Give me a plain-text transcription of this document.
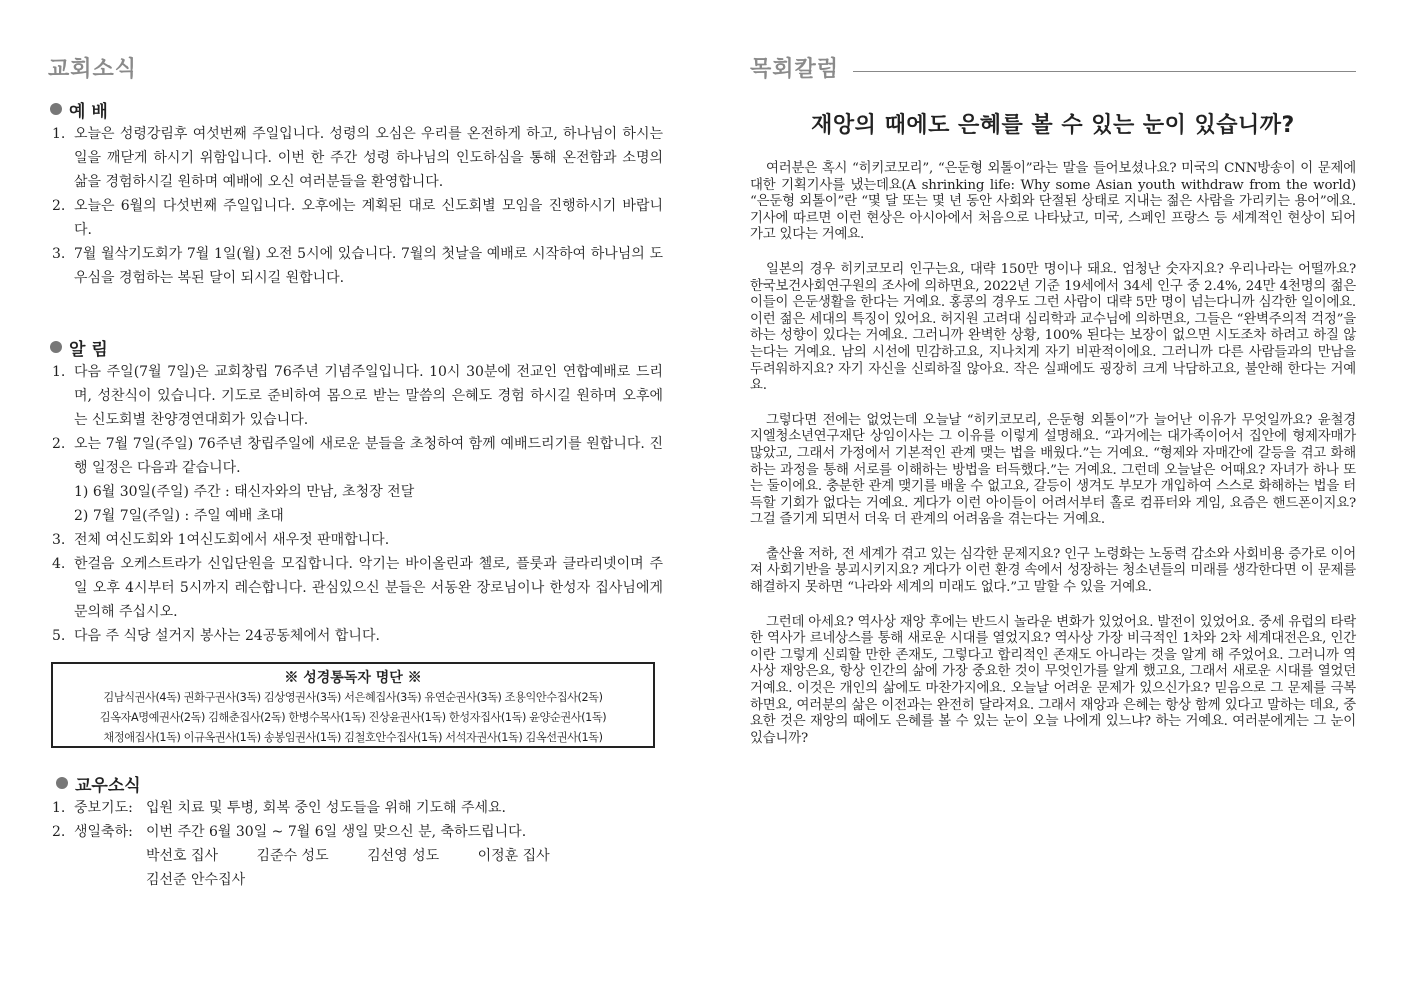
교회소식
예 배
1. 오늘은 성령강림후 여섯번째 주일입니다. 성령의 오심은 우리를 온전하게 하고, 하나님이 하시는 일을 깨닫게 하시기 위함입니다. 이번 한 주간 성령 하나님의 인도하심을 통해 온전함과 소명의 삶을 경험하시길 원하며 예배에 오신 여러분들을 환영합니다.
2. 오늘은 6월의 다섯번째 주일입니다. 오후에는 계획된 대로 신도회별 모임을 진행하시기 바랍니다.
3. 7월 월삭기도회가 7월 1일(월) 오전 5시에 있습니다. 7월의 첫날을 예배로 시작하여 하나님의 도우심을 경험하는 복된 달이 되시길 원합니다.
알 림
1. 다음 주일(7월 7일)은 교회창립 76주년 기념주일입니다. 10시 30분에 전교인 연합예배로 드리며, 성찬식이 있습니다. 기도로 준비하여 몸으로 받는 말씀의 은혜도 경험 하시길 원하며 오후에는 신도회별 찬양경연대회가 있습니다.
2. 오는 7월 7일(주일) 76주년 창립주일에 새로운 분들을 초청하여 함께 예배드리기를 원합니다. 진행 일정은 다음과 같습니다.
1) 6월 30일(주일) 주간 : 태신자와의 만남, 초청장 전달
2) 7월 7일(주일) : 주일 예배 초대
3. 전체 여신도회와 1여신도회에서 새우젓 판매합니다.
4. 한걸음 오케스트라가 신입단원을 모집합니다. 악기는 바이올린과 첼로, 플룻과 클라리넷이며 주일 오후 4시부터 5시까지 레슨합니다. 관심있으신 분들은 서동완 장로님이나 한성자 집사님에게 문의해 주십시오.
5. 다음 주 식당 설거지 봉사는 24공동체에서 합니다.
※ 성경통독자 명단 ※
김남식권사(4독) 권화구권사(3독) 김상영권사(3독) 서은혜집사(3독) 유연순권사(3독) 조용익안수집사(2독)
김옥자A명예권사(2독) 김해춘집사(2독) 한병수목사(1독) 진상윤권사(1독) 한성자집사(1독) 윤양순권사(1독)
채정애집사(1독) 이규옥권사(1독) 송봉임권사(1독) 김철호안수집사(1독) 서석자권사(1독) 김옥선권사(1독)
교우소식
1. 중보기도: 입원 치료 및 투병, 회복 중인 성도들을 위해 기도해 주세요.
2. 생일축하: 이번 주간 6월 30일 ~ 7월 6일 생일 맞으신 분, 축하드립니다.
박선호 집사	김준수 성도	김선영 성도	이정훈 집사
김선준 안수집사
목회칼럼
재앙의 때에도 은혜를 볼 수 있는 눈이 있습니까?

여러분은 혹시 “히키코모리”, “은둔형 외톨이”라는 말을 들어보셨나요? 미국의 CNN방송이 이 문제에 대한 기획기사를 냈는데요(A shrinking life: Why some Asian youth withdraw from the world) “은둔형 외톨이”란 “몇 달 또는 몇 년 동안 사회와 단절된 상태로 지내는 젊은 사람을 가리키는 용어”에요. 기사에 따르면 이런 현상은 아시아에서 처음으로 나타났고, 미국, 스페인 프랑스 등 세계적인 현상이 되어가고 있다는 거예요.

일본의 경우 히키코모리 인구는요, 대략 150만 명이나 돼요. 엄청난 숫자지요? 우리나라는 어떨까요? 한국보건사회연구원의 조사에 의하면요, 2022년 기준 19세에서 34세 인구 중 2.4%, 24만 4천명의 젊은이들이 은둔생활을 한다는 거예요. 홍콩의 경우도 그런 사람이 대략 5만 명이 넘는다니까 심각한 일이에요. 이런 젊은 세대의 특징이 있어요. 허지원 고려대 심리학과 교수님에 의하면요, 그들은 “완벽주의적 걱정”을 하는 성향이 있다는 거예요. 그러니까 완벽한 상황, 100% 된다는 보장이 없으면 시도조차 하려고 하질 않는다는 거예요. 남의 시선에 민감하고요, 지나치게 자기 비판적이에요. 그러니까 다른 사람들과의 만남을 두려워하지요? 자기 자신을 신뢰하질 않아요. 작은 실패에도 굉장히 크게 낙담하고요, 불안해 한다는 거예요.

그렇다면 전에는 없었는데 오늘날 “히키코모리, 은둔형 외톨이”가 늘어난 이유가 무엇일까요? 윤철경 지엘청소년연구재단 상임이사는 그 이유를 이렇게 설명해요. “과거에는 대가족이어서 집안에 형제자매가 많았고, 그래서 가정에서 기본적인 관계 맺는 법을 배웠다.”는 거예요. “형제와 자매간에 갈등을 겪고 화해하는 과정을 통해 서로를 이해하는 방법을 터득했다.”는 거예요. 그런데 오늘날은 어때요? 자녀가 하나 또는 둘이에요. 충분한 관계 맺기를 배울 수 없고요, 갈등이 생겨도 부모가 개입하여 스스로 화해하는 법을 터득할 기회가 없다는 거예요. 게다가 이런 아이들이 어려서부터 홀로 컴퓨터와 게임, 요즘은 핸드폰이지요? 그걸 즐기게 되면서 더욱 더 관계의 어려움을 겪는다는 거예요.

출산율 저하, 전 세계가 겪고 있는 심각한 문제지요? 인구 노령화는 노동력 감소와 사회비용 증가로 이어져 사회기반을 붕괴시키지요? 게다가 이런 환경 속에서 성장하는 청소년들의 미래를 생각한다면 이 문제를 해결하지 못하면 “나라와 세계의 미래도 없다.”고 말할 수 있을 거예요.

그런데 아세요? 역사상 재앙 후에는 반드시 놀라운 변화가 있었어요. 발전이 있었어요. 중세 유럽의 타락한 역사가 르네상스를 통해 새로운 시대를 열었지요? 역사상 가장 비극적인 1차와 2차 세계대전은요, 인간이란 그렇게 신뢰할 만한 존재도, 그렇다고 합리적인 존재도 아니라는 것을 알게 해 주었어요. 그러니까 역사상 재앙은요, 항상 인간의 삶에 가장 중요한 것이 무엇인가를 알게 했고요, 그래서 새로운 시대를 열었던 거예요. 이것은 개인의 삶에도 마찬가지에요. 오늘날 어려운 문제가 있으신가요? 믿음으로 그 문제를 극복하면요, 여러분의 삶은 이전과는 완전히 달라져요. 그래서 재앙과 은혜는 항상 함께 있다고 말하는 데요, 중요한 것은 재앙의 때에도 은혜를 볼 수 있는 눈이 오늘 나에게 있느냐? 하는 거예요. 여러분에게는 그 눈이 있습니까?
